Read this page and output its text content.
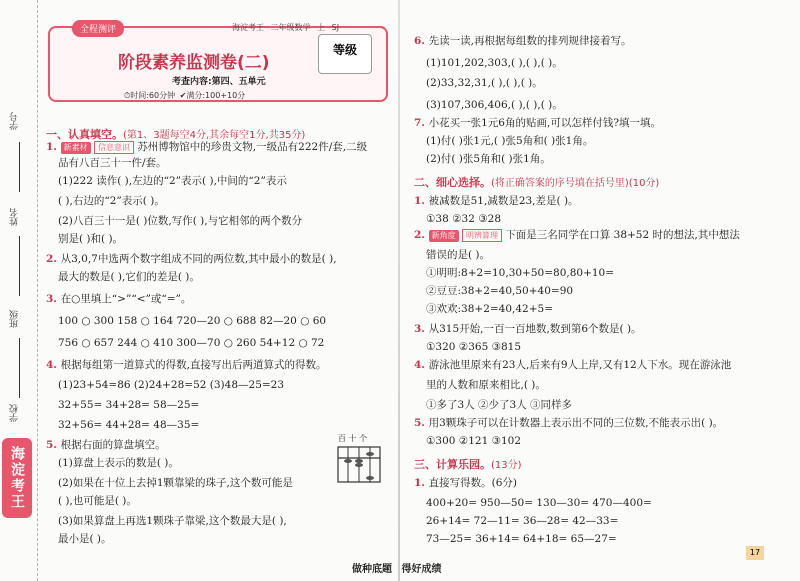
学号
姓名
班级
学校
海淀考王
全程测评	海淀考王 二年级数学 上 SJ
阶段素养监测卷(二)
考查内容:第四、五单元
⏱时间:60分钟 ✔满分:100+10分
等级
一、认真填空。(第1、3题每空4分,其余每空1分,共35分)
1. 新素材 信息意识 苏州博物馆中的珍贵文物,一级品有222件/套,二级
品有八百三十一件/套。
(1)222 读作( ),左边的“2”表示( ),中间的“2”表示
( ),右边的“2”表示( )。
(2)八百三十一是( )位数,写作( ),与它相邻的两个数分
别是( )和( )。
2. 从3,0,7中选两个数字组成不同的两位数,其中最小的数是( ),
最大的数是( ),它们的差是( )。
3. 在○里填上“>”“<”或“=”。
100 ○ 300 158 ○ 164 720—20 ○ 688 82—20 ○ 60
756 ○ 657 244 ○ 410 300—70 ○ 260 54+12 ○ 72
4. 根据每组第一道算式的得数,直接写出后两道算式的得数。
(1)23+54=86 (2)24+28=52 (3)48—25=23
32+55= 34+28= 58—25=
32+56= 44+28= 48—35=
5. 根据右面的算盘填空。
(1)算盘上表示的数是( )。
(2)如果在十位上去掉1颗靠梁的珠子,这个数可能是
( ),也可能是( )。
(3)如果算盘上再选1颗珠子靠梁,这个数最大是( ),
最小是( )。
6. 先读一读,再根据每组数的排列规律接着写。
(1)101,202,303,( ),( ),( )。
(2)33,32,31,( ),( ),( )。
(3)107,306,406,( ),( ),( )。
7. 小花买一张1元6角的贴画,可以怎样付钱?填一填。
(1)付( )张1元,( )张5角和( )张1角。
(2)付( )张5角和( )张1角。
二、细心选择。(将正确答案的序号填在括号里)(10分)
1. 被减数是51,减数是23,差是( )。
①38 ②32 ③28
2. 新角度 明辨算理 下面是三名同学在口算 38+52 时的想法,其中想法
错误的是( )。
①明明:8+2=10,30+50=80,80+10=
②豆豆:38+2=40,50+40=90
③欢欢:38+2=40,42+5=
3. 从315开始,一百一百地数,数到第6个数是( )。
①320 ②365 ③815
4. 游泳池里原来有23人,后来有9人上岸,又有12人下水。现在游泳池
里的人数和原来相比,( )。
①多了3人 ②少了3人 ③同样多
5. 用3颗珠子可以在计数器上表示出不同的三位数,不能表示出( )。
①300 ②121 ③102
三、计算乐园。(13分)
1. 直接写得数。(6分)
400+20= 950—50= 130—30= 470—400=
26+14= 72—11= 36—28= 42—33=
73—25= 36+14= 64+18= 65—27=
百 十 个
做种底题 得好成绩
17
